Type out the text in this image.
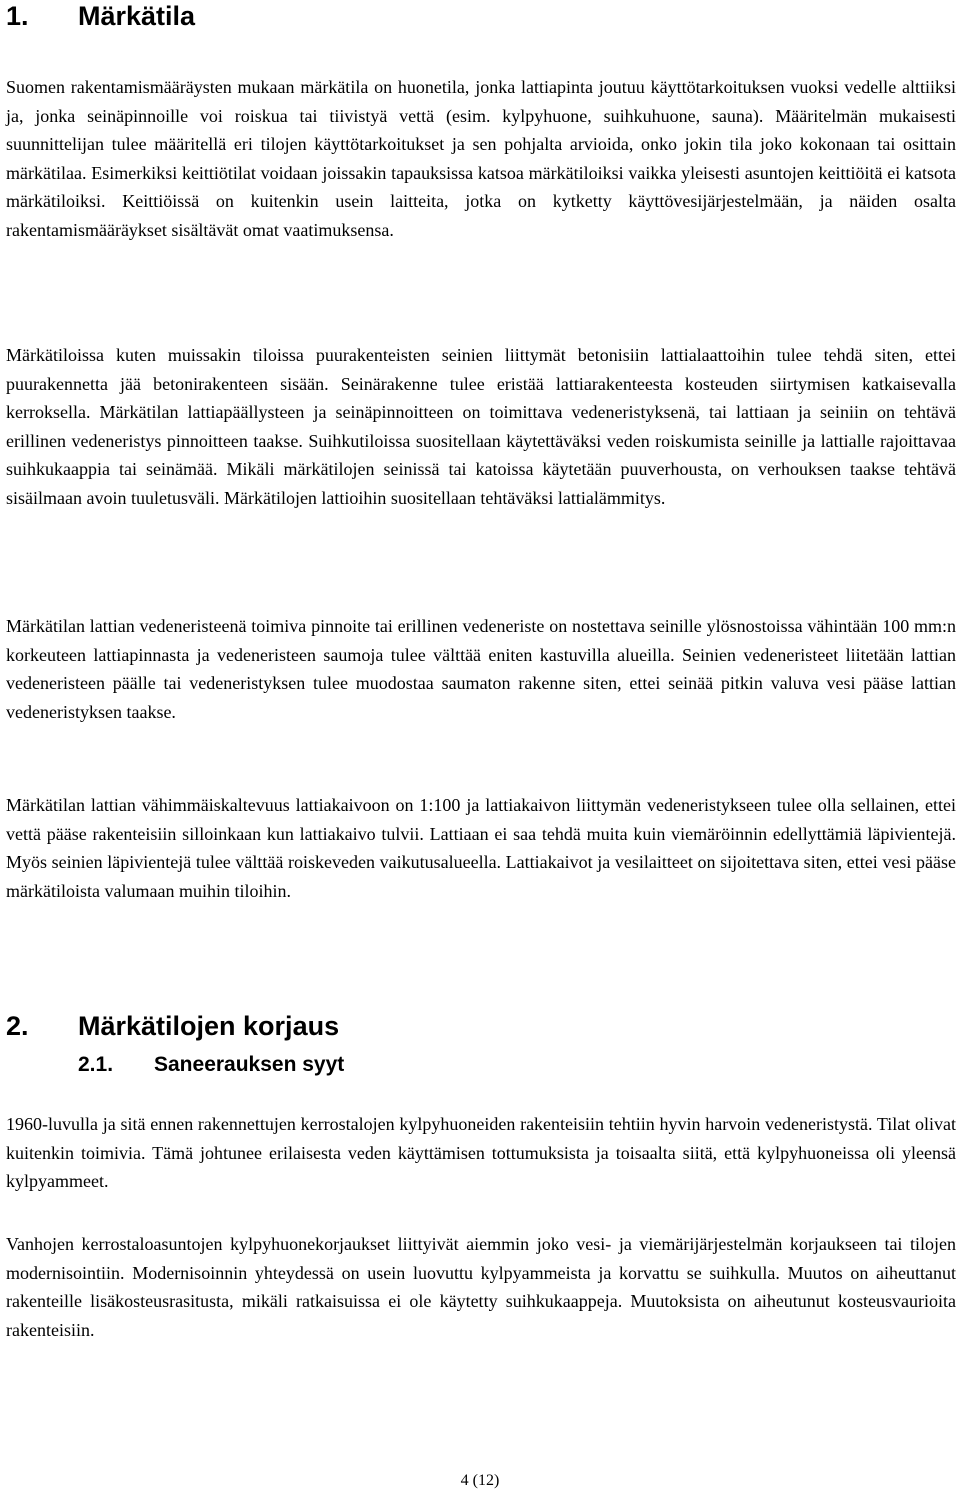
1. Märkätila

Suomen rakentamismääräysten mukaan märkätila on huonetila, jonka lattiapinta joutuu käyttötarkoituksen vuoksi vedelle alttiiksi ja, jonka seinäpinnoille voi roiskua tai tiivistyä vettä (esim. kylpyhuone, suihkuhuone, sauna). Määritelmän mukaisesti suunnittelijan tulee määritellä eri tilojen käyttötarkoitukset ja sen pohjalta arvioida, onko jokin tila joko kokonaan tai osittain märkätilaa. Esimerkiksi keittiötilat voidaan joissakin tapauksissa katsoa märkätiloiksi vaikka yleisesti asuntojen keittiöitä ei katsota märkätiloiksi. Keittiöissä on kuitenkin usein laitteita, jotka on kytketty käyttövesijärjestelmään, ja näiden osalta rakentamismääräykset sisältävät omat vaatimuksensa.

Märkätiloissa kuten muissakin tiloissa puurakenteisten seinien liittymät betonisiin lattialaattoihin tulee tehdä siten, ettei puurakennetta jää betonirakenteen sisään. Seinärakenne tulee eristää lattiarakenteesta kosteuden siirtymisen katkaisevalla kerroksella. Märkätilan lattiapäällysteen ja seinäpinnoitteen on toimittava vedeneristyksenä, tai lattiaan ja seiniin on tehtävä erillinen vedeneristys pinnoitteen taakse. Suihkutiloissa suositellaan käytettäväksi veden roiskumista seinille ja lattialle rajoittavaa suihkukaappia tai seinämää. Mikäli märkätilojen seinissä tai katoissa käytetään puuverhousta, on verhouksen taakse tehtävä sisäilmaan avoin tuuletusväli. Märkätilojen lattioihin suositellaan tehtäväksi lattialämmitys.

Märkätilan lattian vedeneristeenä toimiva pinnoite tai erillinen vedeneriste on nostettava seinille ylösnostoissa vähintään 100 mm:n korkeuteen lattiapinnasta ja vedeneristeen saumoja tulee välttää eniten kastuvilla alueilla. Seinien vedeneristeet liitetään lattian vedeneristeen päälle tai vedeneristyksen tulee muodostaa saumaton rakenne siten, ettei seinää pitkin valuva vesi pääse lattian vedeneristyksen taakse.

Märkätilan lattian vähimmäiskaltevuus lattiakaivoon on 1:100 ja lattiakaivon liittymän vedeneristykseen tulee olla sellainen, ettei vettä pääse rakenteisiin silloinkaan kun lattiakaivo tulvii. Lattiaan ei saa tehdä muita kuin viemäröinnin edellyttämiä läpivientejä. Myös seinien läpivientejä tulee välttää roiskeveden vaikutusalueella. Lattiakaivot ja vesilaitteet on sijoitettava siten, ettei vesi pääse märkätiloista valumaan muihin tiloihin.

2. Märkätilojen korjaus
2.1. Saneerauksen syyt

1960-luvulla ja sitä ennen rakennettujen kerrostalojen kylpyhuoneiden rakenteisiin tehtiin hyvin harvoin vedeneristystä. Tilat olivat kuitenkin toimivia. Tämä johtunee erilaisesta veden käyttämisen tottumuksista ja toisaalta siitä, että kylpyhuoneissa oli yleensä kylpyammeet.

Vanhojen kerrostaloasuntojen kylpyhuonekorjaukset liittyivät aiemmin joko vesi- ja viemärijärjestelmän korjaukseen tai tilojen modernisointiin. Modernisoinnin yhteydessä on usein luovuttu kylpyammeista ja korvattu se suihkulla. Muutos on aiheuttanut rakenteille lisäkosteusrasitusta, mikäli ratkaisuissa ei ole käytetty suihkukaappeja. Muutoksista on aiheutunut kosteusvaurioita rakenteisiin.

4 (12)
